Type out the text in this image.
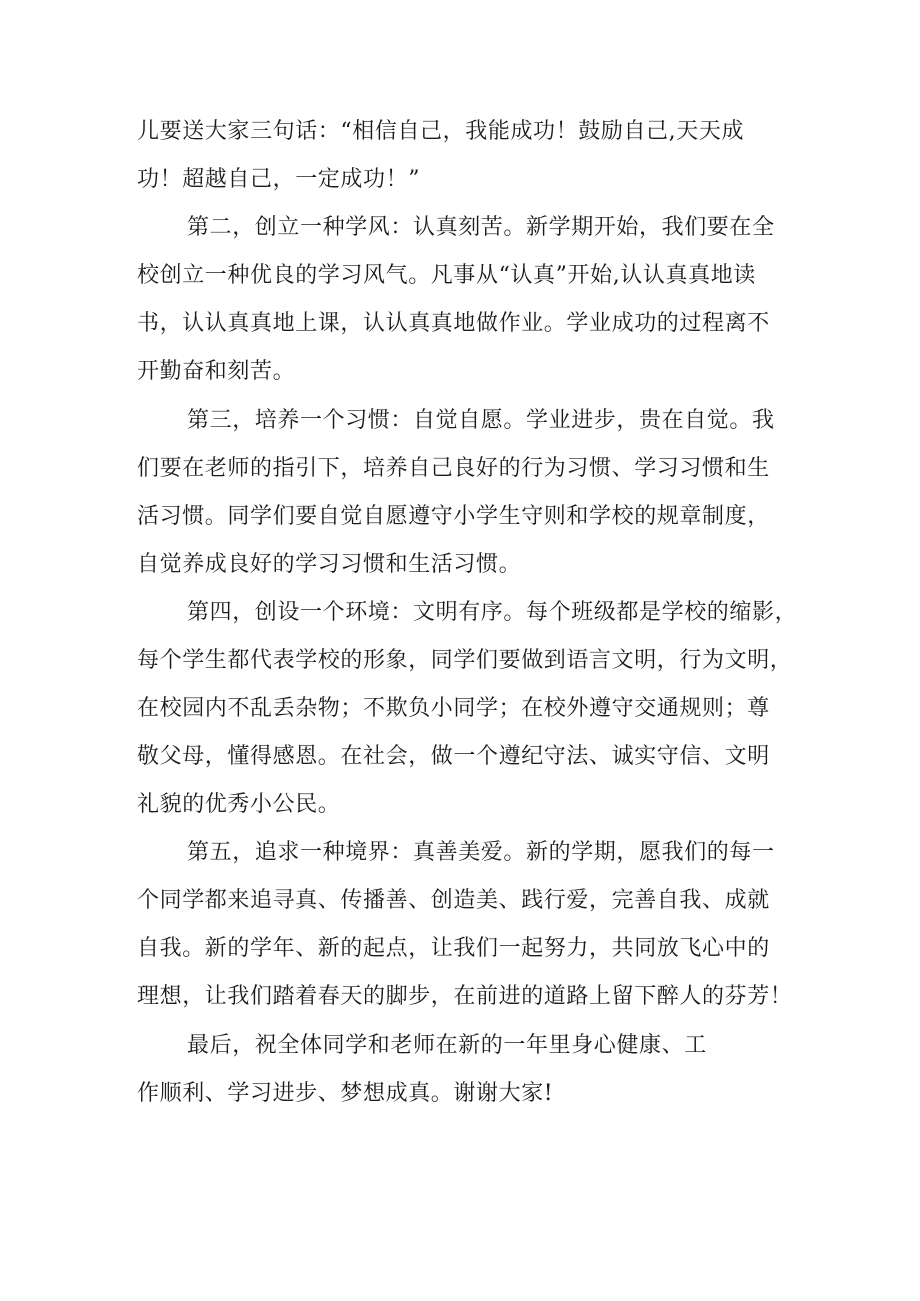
儿要送大家三句话：“相信自己，我能成功！鼓励自己,天天成
功！超越自己，一定成功！”
第二，创立一种学风：认真刻苦。新学期开始，我们要在全
校创立一种优良的学习风气。凡事从“认真”开始,认认真真地读
书，认认真真地上课，认认真真地做作业。学业成功的过程离不
开勤奋和刻苦。
第三，培养一个习惯：自觉自愿。学业进步，贵在自觉。我
们要在老师的指引下，培养自己良好的行为习惯、学习习惯和生
活习惯。同学们要自觉自愿遵守小学生守则和学校的规章制度，
自觉养成良好的学习习惯和生活习惯。
第四，创设一个环境：文明有序。每个班级都是学校的缩影，
每个学生都代表学校的形象，同学们要做到语言文明，行为文明，
在校园内不乱丢杂物；不欺负小同学；在校外遵守交通规则；尊
敬父母，懂得感恩。在社会，做一个遵纪守法、诚实守信、文明
礼貌的优秀小公民。
第五，追求一种境界：真善美爱。新的学期，愿我们的每一
个同学都来追寻真、传播善、创造美、践行爱，完善自我、成就
自我。新的学年、新的起点，让我们一起努力，共同放飞心中的
理想，让我们踏着春天的脚步，在前进的道路上留下醉人的芬芳！
最后，祝全体同学和老师在新的一年里身心健康、工
作顺利、学习进步、梦想成真。谢谢大家!
